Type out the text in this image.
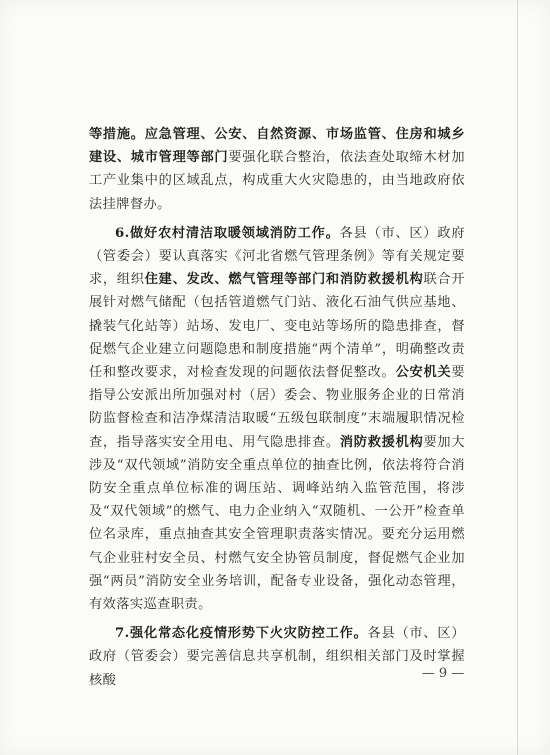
等措施。应急管理、公安、自然资源、市场监管、住房和城乡建设、城市管理等部门要强化联合整治，依法查处取缔木材加工产业集中的区域乱点，构成重大火灾隐患的，由当地政府依法挂牌督办。

6.做好农村清洁取暖领域消防工作。各县（市、区）政府（管委会）要认真落实《河北省燃气管理条例》等有关规定要求，组织住建、发改、燃气管理等部门和消防救援机构联合开展针对燃气储配（包括管道燃气门站、液化石油气供应基地、撬装气化站等）站场、发电厂、变电站等场所的隐患排查，督促燃气企业建立问题隐患和制度措施“两个清单”，明确整改责任和整改要求，对检查发现的问题依法督促整改。公安机关要指导公安派出所加强对村（居）委会、物业服务企业的日常消防监督检查和洁净煤清洁取暖“五级包联制度”末端履职情况检查，指导落实安全用电、用气隐患排查。消防救援机构要加大涉及“双代领域”消防安全重点单位的抽查比例，依法将符合消防安全重点单位标准的调压站、调峰站纳入监管范围，将涉及“双代领域”的燃气、电力企业纳入“双随机、一公开”检查单位名录库，重点抽查其安全管理职责落实情况。要充分运用燃气企业驻村安全员、村燃气安全协管员制度，督促燃气企业加强“两员”消防安全业务培训，配备专业设备，强化动态管理，有效落实巡查职责。

7.强化常态化疫情形势下火灾防控工作。各县（市、区）政府（管委会）要完善信息共享机制，组织相关部门及时掌握核酸	— 9 —
